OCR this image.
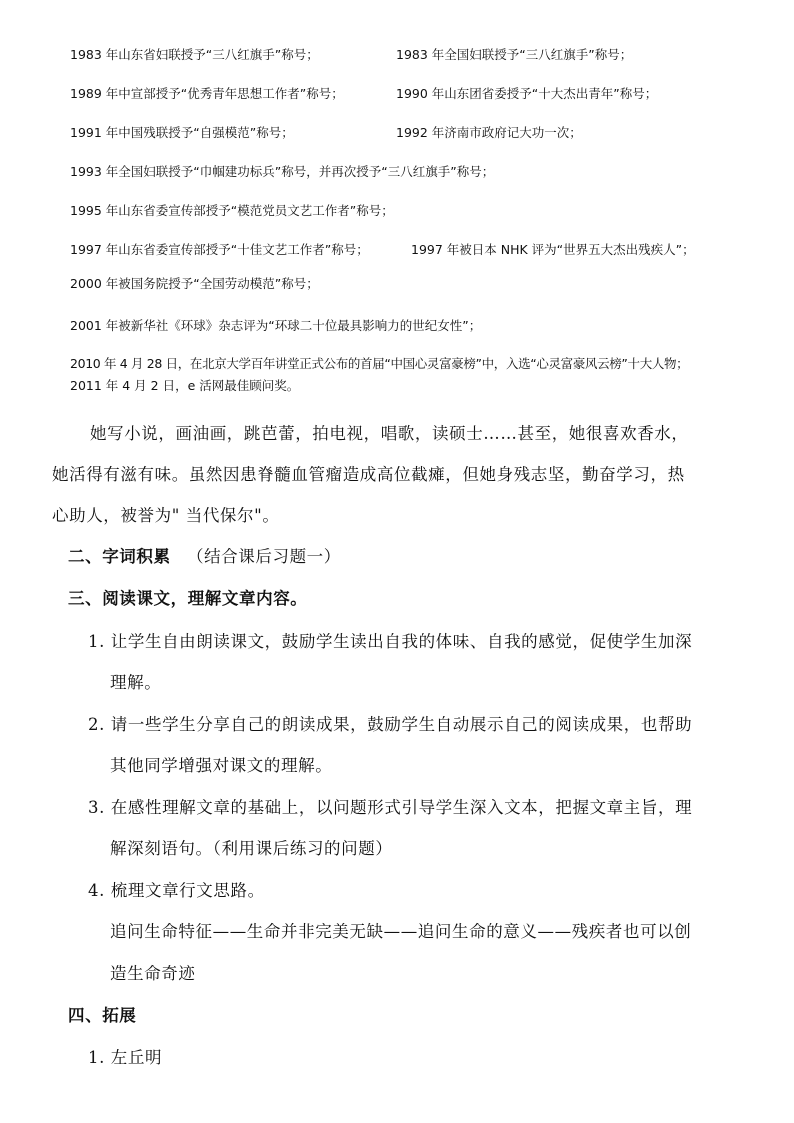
1983 年山东省妇联授予“三八红旗手”称号；	1983 年全国妇联授予“三八红旗手”称号；
1989 年中宣部授予“优秀青年思想工作者”称号；	1990 年山东团省委授予“十大杰出青年”称号；
1991 年中国残联授予“自强模范”称号；	1992 年济南市政府记大功一次；
1993 年全国妇联授予“巾帼建功标兵”称号，并再次授予“三八红旗手”称号；
1995 年山东省委宣传部授予“模范党员文艺工作者”称号；
1997 年山东省委宣传部授予“十佳文艺工作者”称号；	1997 年被日本 NHK 评为“世界五大杰出残疾人”；
2000 年被国务院授予“全国劳动模范”称号；
2001 年被新华社《环球》杂志评为“环球二十位最具影响力的世纪女性”；
2010 年 4 月 28 日，在北京大学百年讲堂正式公布的首届“中国心灵富豪榜”中，入选“心灵富豪风云榜”十大人物；
2011 年 4 月 2 日，e 活网最佳顾问奖。
她写小说，画油画，跳芭蕾，拍电视，唱歌，读硕士……甚至，她很喜欢香水，
她活得有滋有味。虽然因患脊髓血管瘤造成高位截瘫，但她身残志坚，勤奋学习，热
心助人，被誉为" 当代保尔"。
二、字词积累 （结合课后习题一）
三、阅读课文，理解文章内容。
1. 让学生自由朗读课文，鼓励学生读出自我的体味、自我的感觉，促使学生加深
理解。
2. 请一些学生分享自己的朗读成果，鼓励学生自动展示自己的阅读成果，也帮助
其他同学增强对课文的理解。
3. 在感性理解文章的基础上，以问题形式引导学生深入文本，把握文章主旨，理
解深刻语句。（利用课后练习的问题）
4. 梳理文章行文思路。
追问生命特征——生命并非完美无缺——追问生命的意义——残疾者也可以创
造生命奇迹
四、拓展
1. 左丘明
